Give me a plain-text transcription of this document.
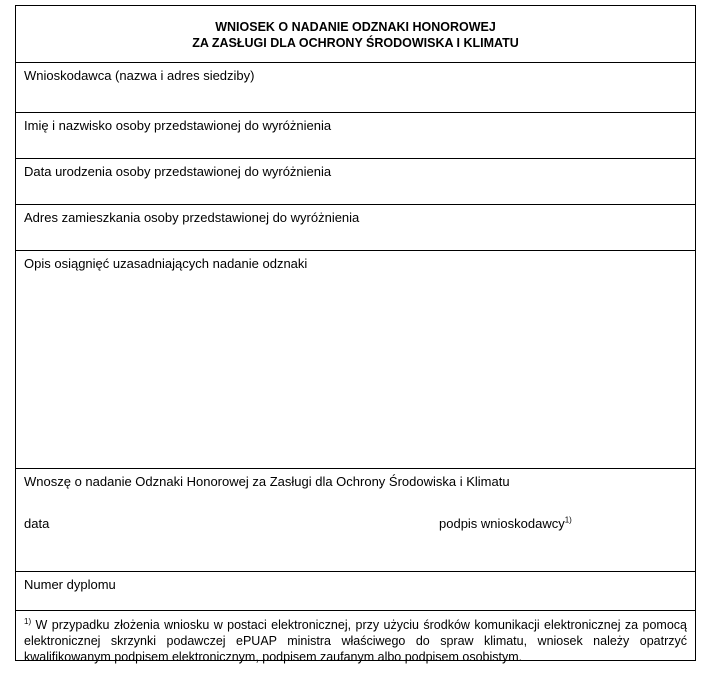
WNIOSEK O NADANIE ODZNAKI HONOROWEJ
ZA ZASŁUGI DLA OCHRONY ŚRODOWISKA I KLIMATU
Wnioskodawca (nazwa i adres siedziby)
Imię i nazwisko osoby przedstawionej do wyróżnienia
Data urodzenia osoby przedstawionej do wyróżnienia
Adres zamieszkania osoby przedstawionej do wyróżnienia
Opis osiągnięć uzasadniających nadanie odznaki
Wnoszę o nadanie Odznaki Honorowej za Zasługi dla Ochrony Środowiska i Klimatu
data	podpis wnioskodawcy$^{1)}$
Numer dyplomu
$^{1)}$ W przypadku złożenia wniosku w postaci elektronicznej, przy użyciu środków komunikacji elektronicznej za pomocą elektronicznej skrzynki podawczej ePUAP ministra właściwego do spraw klimatu, wniosek należy opatrzyć kwalifikowanym podpisem elektronicznym, podpisem zaufanym albo podpisem osobistym.
